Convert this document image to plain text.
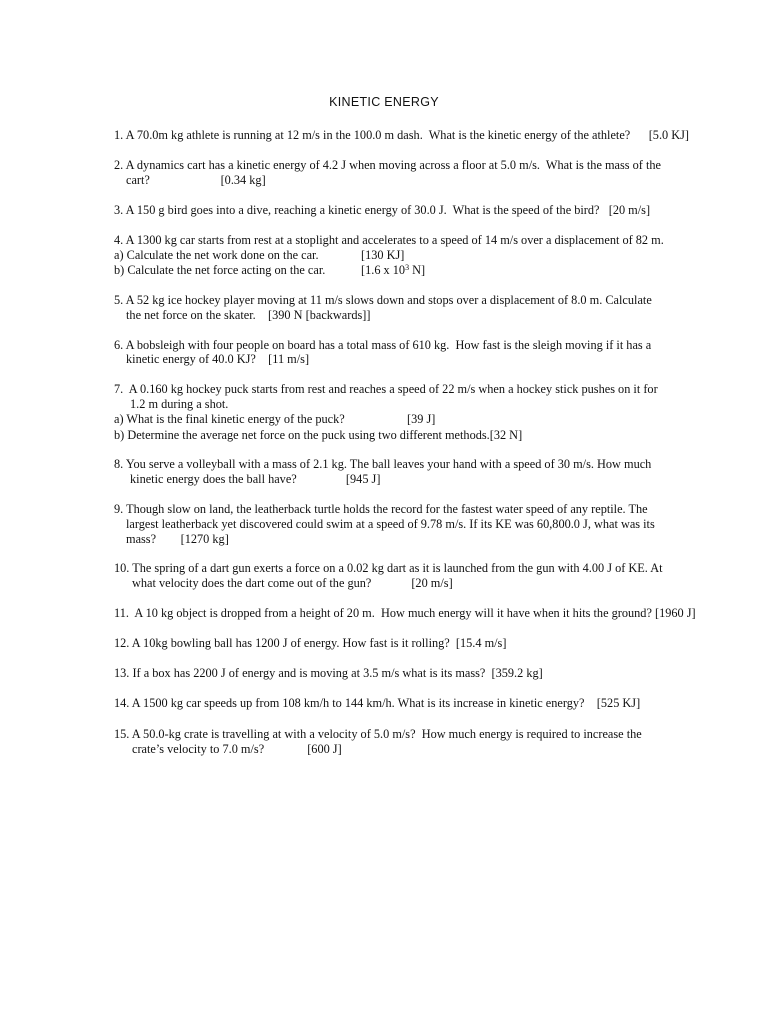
KINETIC ENERGY
1. A 70.0m kg athlete is running at 12 m/s in the 100.0 m dash.  What is the kinetic energy of the athlete?      [5.0 KJ]
2. A dynamics cart has a kinetic energy of 4.2 J when moving across a floor at 5.0 m/s.  What is the mass of the
cart?                       [0.34 kg]
3. A 150 g bird goes into a dive, reaching a kinetic energy of 30.0 J.  What is the speed of the bird?   [20 m/s]
4. A 1300 kg car starts from rest at a stoplight and accelerates to a speed of 14 m/s over a displacement of 82 m.
a) Calculate the net work done on the car.	[130 KJ]
b) Calculate the net force acting on the car.	[1.6 x $10^3$ N]
5. A 52 kg ice hockey player moving at 11 m/s slows down and stops over a displacement of 8.0 m. Calculate
the net force on the skater.    [390 N [backwards]]
6. A bobsleigh with four people on board has a total mass of 610 kg.  How fast is the sleigh moving if it has a
kinetic energy of 40.0 KJ?    [11 m/s]
7.  A 0.160 kg hockey puck starts from rest and reaches a speed of 22 m/s when a hockey stick pushes on it for
1.2 m during a shot.
a) What is the final kinetic energy of the puck?	[39 J]
b) Determine the average net force on the puck using two different methods.[32 N]
8. You serve a volleyball with a mass of 2.1 kg. The ball leaves your hand with a speed of 30 m/s. How much
kinetic energy does the ball have?                [945 J]
9. Though slow on land, the leatherback turtle holds the record for the fastest water speed of any reptile. The
largest leatherback yet discovered could swim at a speed of 9.78 m/s. If its KE was 60,800.0 J, what was its
mass?        [1270 kg]
10. The spring of a dart gun exerts a force on a 0.02 kg dart as it is launched from the gun with 4.00 J of KE. At
what velocity does the dart come out of the gun?             [20 m/s]
11.  A 10 kg object is dropped from a height of 20 m.  How much energy will it have when it hits the ground? [1960 J]
12. A 10kg bowling ball has 1200 J of energy. How fast is it rolling?  [15.4 m/s]
13. If a box has 2200 J of energy and is moving at 3.5 m/s what is its mass?  [359.2 kg]
14. A 1500 kg car speeds up from 108 km/h to 144 km/h. What is its increase in kinetic energy?    [525 KJ]
15. A 50.0-kg crate is travelling at with a velocity of 5.0 m/s?  How much energy is required to increase the
crate’s velocity to 7.0 m/s?              [600 J]
